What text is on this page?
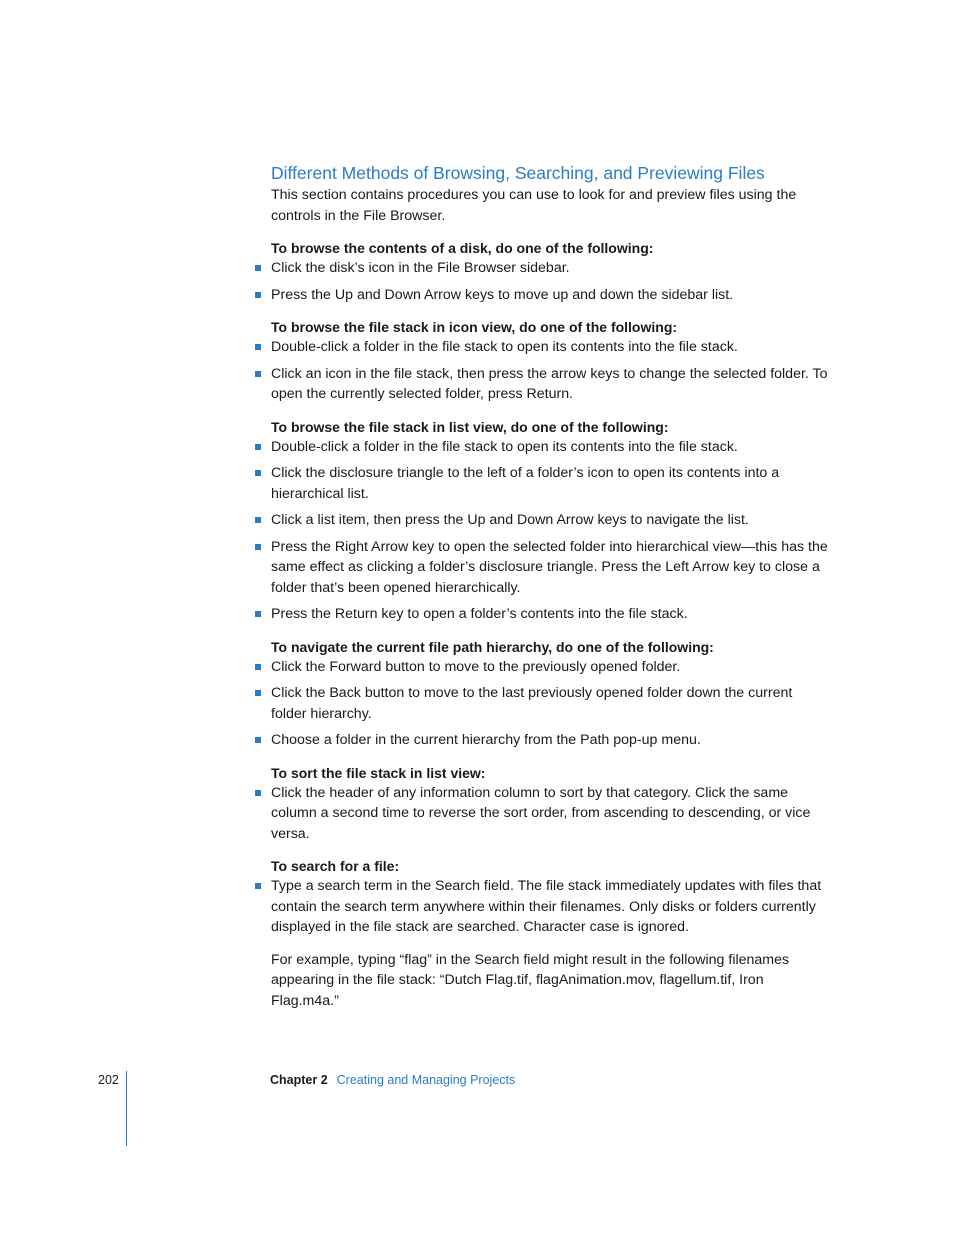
Different Methods of Browsing, Searching, and Previewing Files

This section contains procedures you can use to look for and preview files using the controls in the File Browser.

To browse the contents of a disk, do one of the following:

Click the disk’s icon in the File Browser sidebar.
Press the Up and Down Arrow keys to move up and down the sidebar list.

To browse the file stack in icon view, do one of the following:

Double-click a folder in the file stack to open its contents into the file stack.
Click an icon in the file stack, then press the arrow keys to change the selected folder. To open the currently selected folder, press Return.

To browse the file stack in list view, do one of the following:

Double-click a folder in the file stack to open its contents into the file stack.
Click the disclosure triangle to the left of a folder’s icon to open its contents into a hierarchical list.
Click a list item, then press the Up and Down Arrow keys to navigate the list.
Press the Right Arrow key to open the selected folder into hierarchical view—this has the same effect as clicking a folder’s disclosure triangle. Press the Left Arrow key to close a folder that’s been opened hierarchically.
Press the Return key to open a folder’s contents into the file stack.

To navigate the current file path hierarchy, do one of the following:

Click the Forward button to move to the previously opened folder.
Click the Back button to move to the last previously opened folder down the current folder hierarchy.
Choose a folder in the current hierarchy from the Path pop-up menu.

To sort the file stack in list view:

Click the header of any information column to sort by that category. Click the same column a second time to reverse the sort order, from ascending to descending, or vice versa.

To search for a file:

Type a search term in the Search field. The file stack immediately updates with files that contain the search term anywhere within their filenames. Only disks or folders currently displayed in the file stack are searched. Character case is ignored.

For example, typing “flag” in the Search field might result in the following filenames appearing in the file stack: “Dutch Flag.tif, flagAnimation.mov, flagellum.tif, Iron Flag.m4a.”

202	Chapter 2 Creating and Managing Projects
